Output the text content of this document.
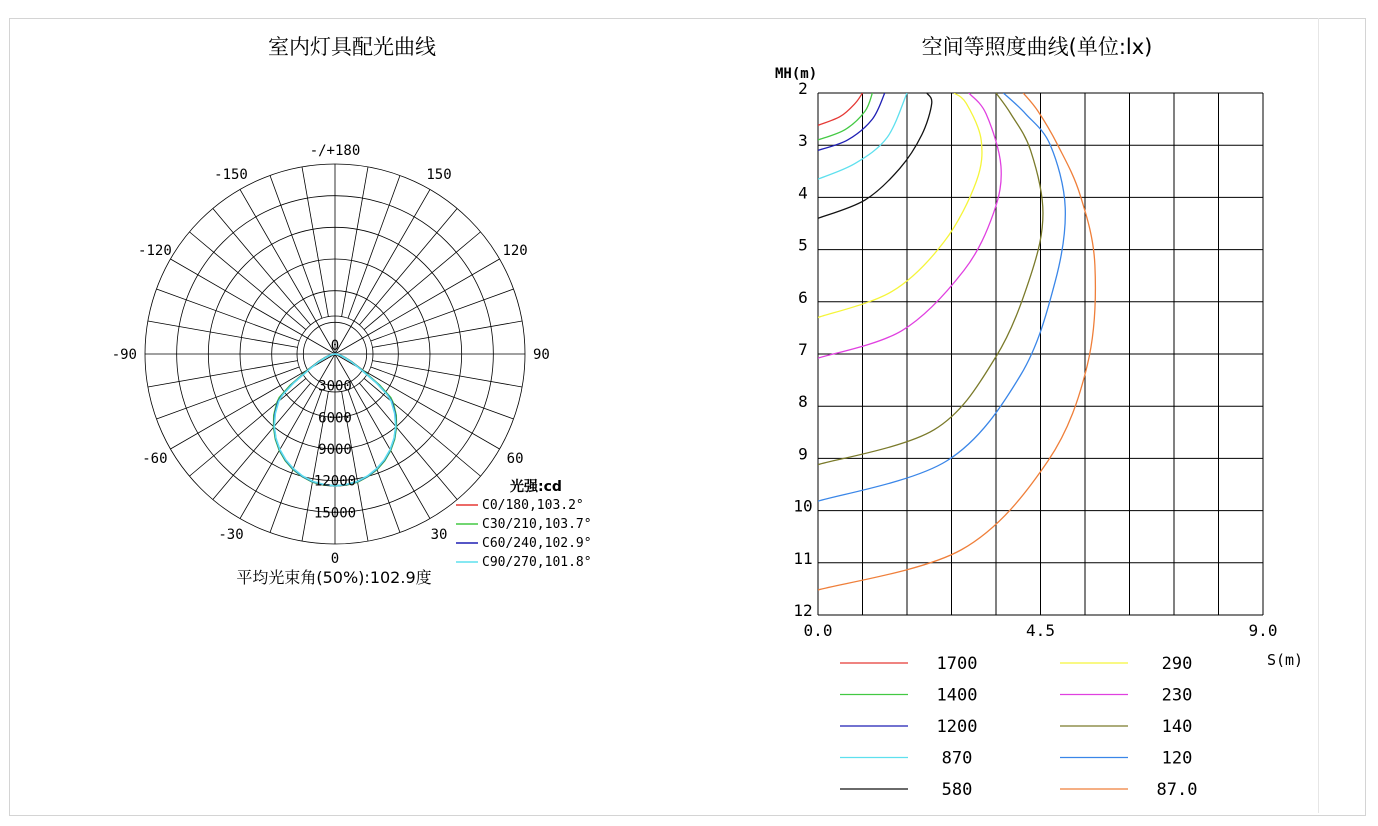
室内灯具配光曲线
-/+180
-150	150
-120	120
-90	90
-60	60
-30	30
0
0
3000
6000
9000
12000
15000
光强:cd
C0/180,103.2°
C30/210,103.7°
C60/240,102.9°
C90/270,101.8°
平均光束角(50%):102.9度
空间等照度曲线(单位:lx)
MH(m)
S(m)
2
3
4
5
6
7
8
9
10
11
12
0.0	4.5	9.0
1700
1400
1200
870
580
290
230
140
120
87.0
